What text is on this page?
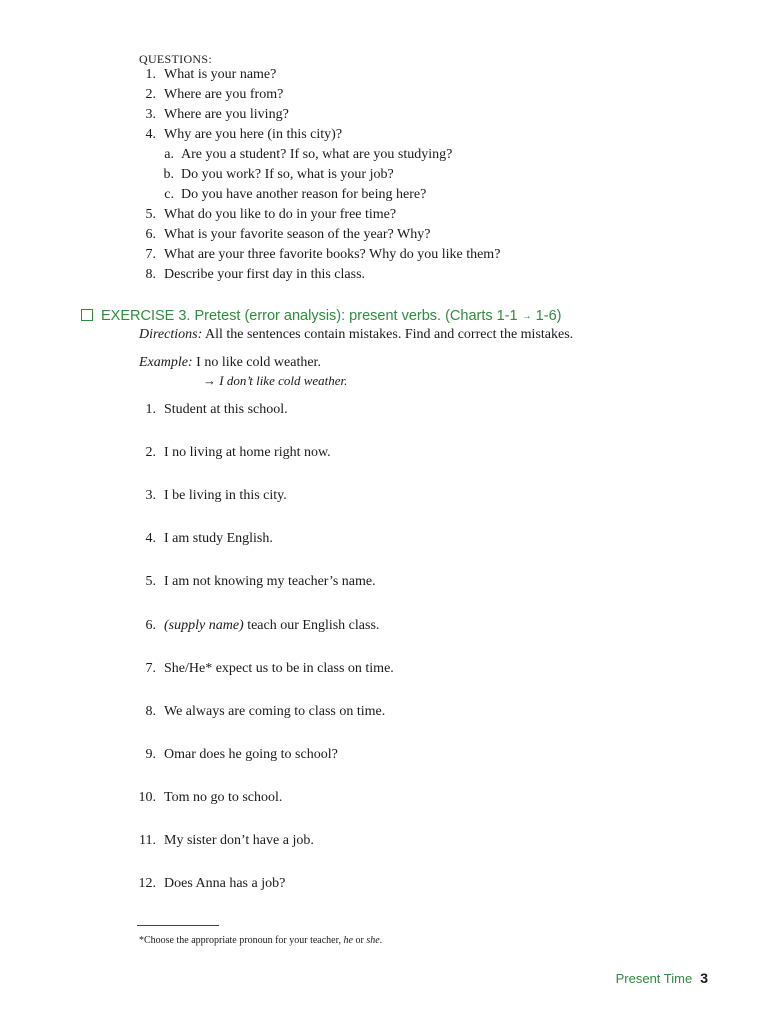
QUESTIONS:
1. What is your name?
2. Where are you from?
3. Where are you living?
4. Why are you here (in this city)?
a. Are you a student? If so, what are you studying?
b. Do you work? If so, what is your job?
c. Do you have another reason for being here?
5. What do you like to do in your free time?
6. What is your favorite season of the year? Why?
7. What are your three favorite books? Why do you like them?
8. Describe your first day in this class.
EXERCISE 3. Pretest (error analysis): present verbs. (Charts 1-1 → 1-6)
Directions: All the sentences contain mistakes. Find and correct the mistakes.
Example: I no like cold weather.
→ I don’t like cold weather.
1. Student at this school.
2. I no living at home right now.
3. I be living in this city.
4. I am study English.
5. I am not knowing my teacher’s name.
6. (supply name) teach our English class.
7. She/He* expect us to be in class on time.
8. We always are coming to class on time.
9. Omar does he going to school?
10. Tom no go to school.
11. My sister don’t have a job.
12. Does Anna has a job?
*Choose the appropriate pronoun for your teacher, he or she.
Present Time 3
